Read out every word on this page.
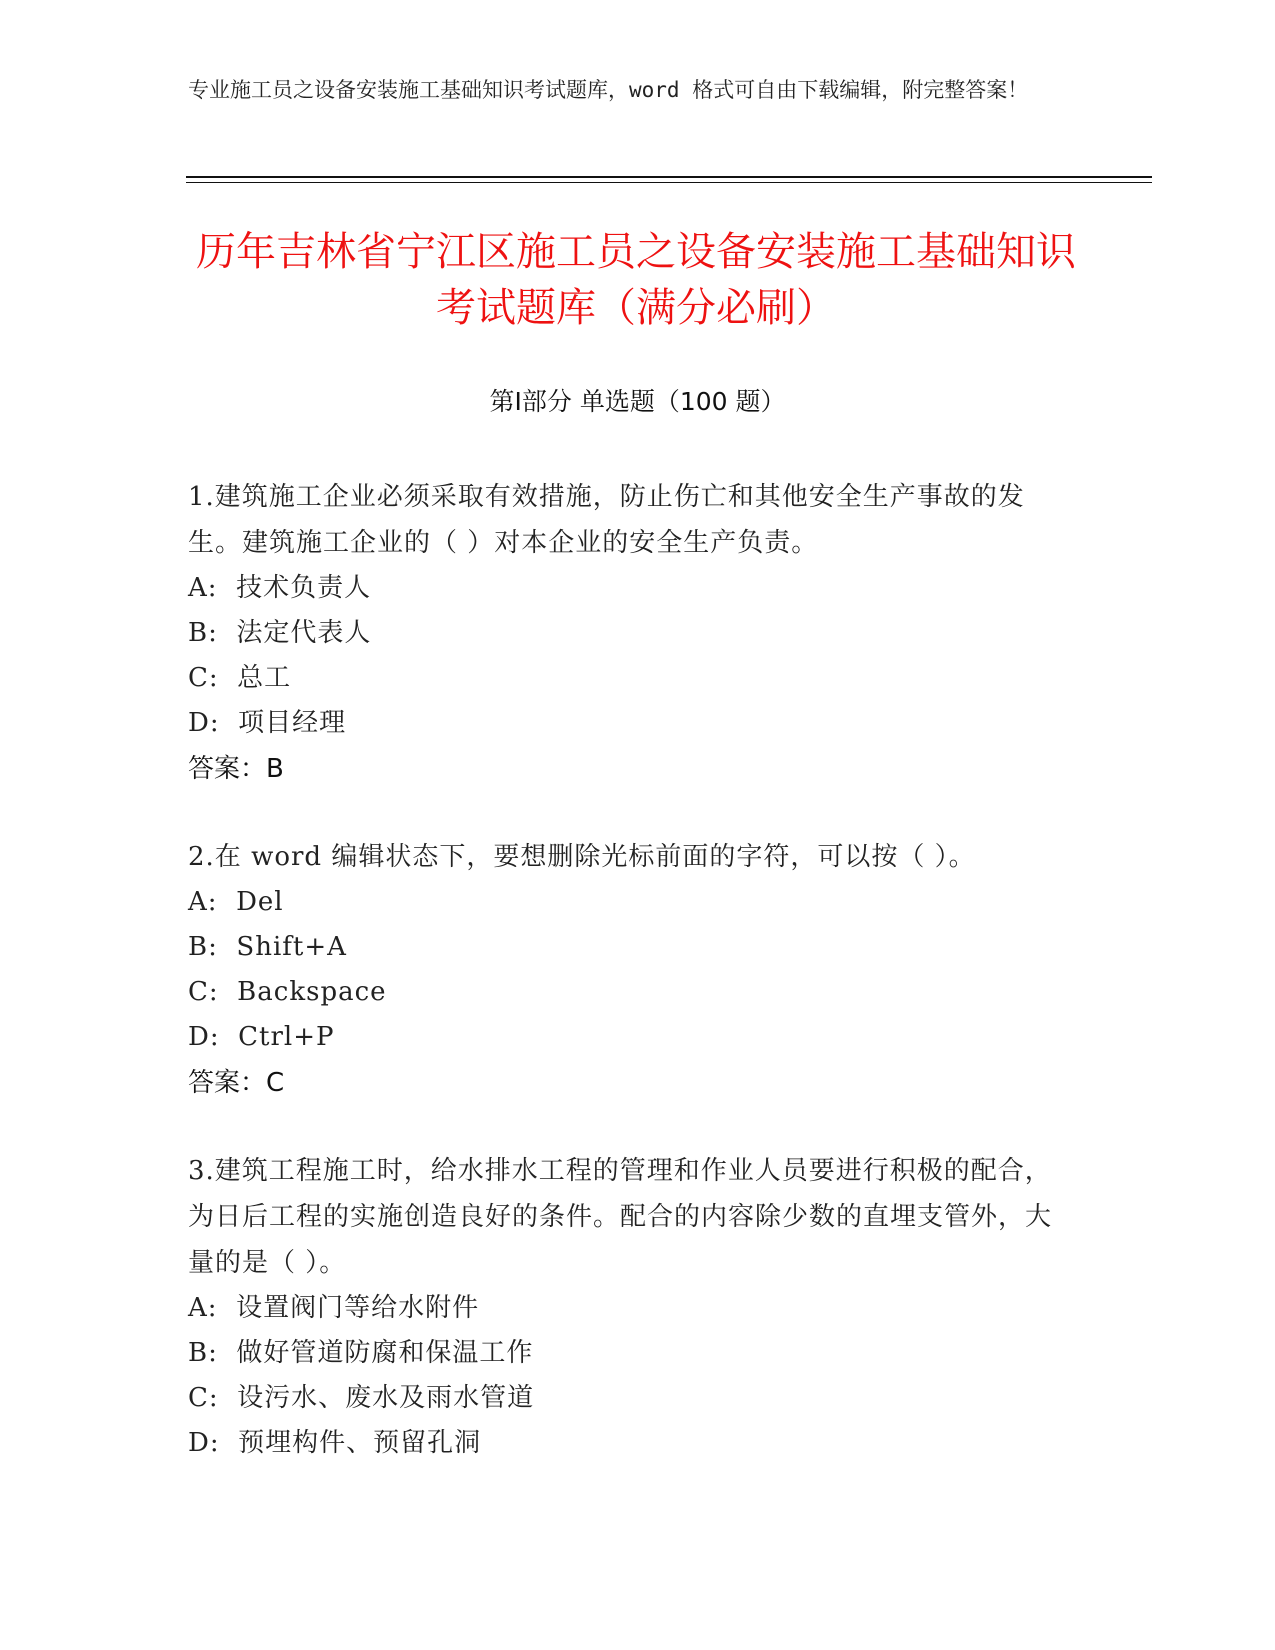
专业施工员之设备安装施工基础知识考试题库，word 格式可自由下载编辑，附完整答案！
历年吉林省宁江区施工员之设备安装施工基础知识考试题库（满分必刷）
第Ⅰ部分 单选题（100 题）

1.建筑施工企业必须采取有效措施，防止伤亡和其他安全生产事故的发生。建筑施工企业的（ ）对本企业的安全生产负责。

A:  技术负责人

B:  法定代表人

C:  总工

D:  项目经理

答案：B

2.在 word 编辑状态下，要想删除光标前面的字符，可以按（ ）。

A:  Del

B:  Shift+A

C:  Backspace

D:  Ctrl+P

答案：C

3.建筑工程施工时，给水排水工程的管理和作业人员要进行积极的配合，为日后工程的实施创造良好的条件。配合的内容除少数的直埋支管外，大量的是（ ）。

A:  设置阀门等给水附件

B:  做好管道防腐和保温工作

C:  设污水、废水及雨水管道

D:  预埋构件、预留孔洞
